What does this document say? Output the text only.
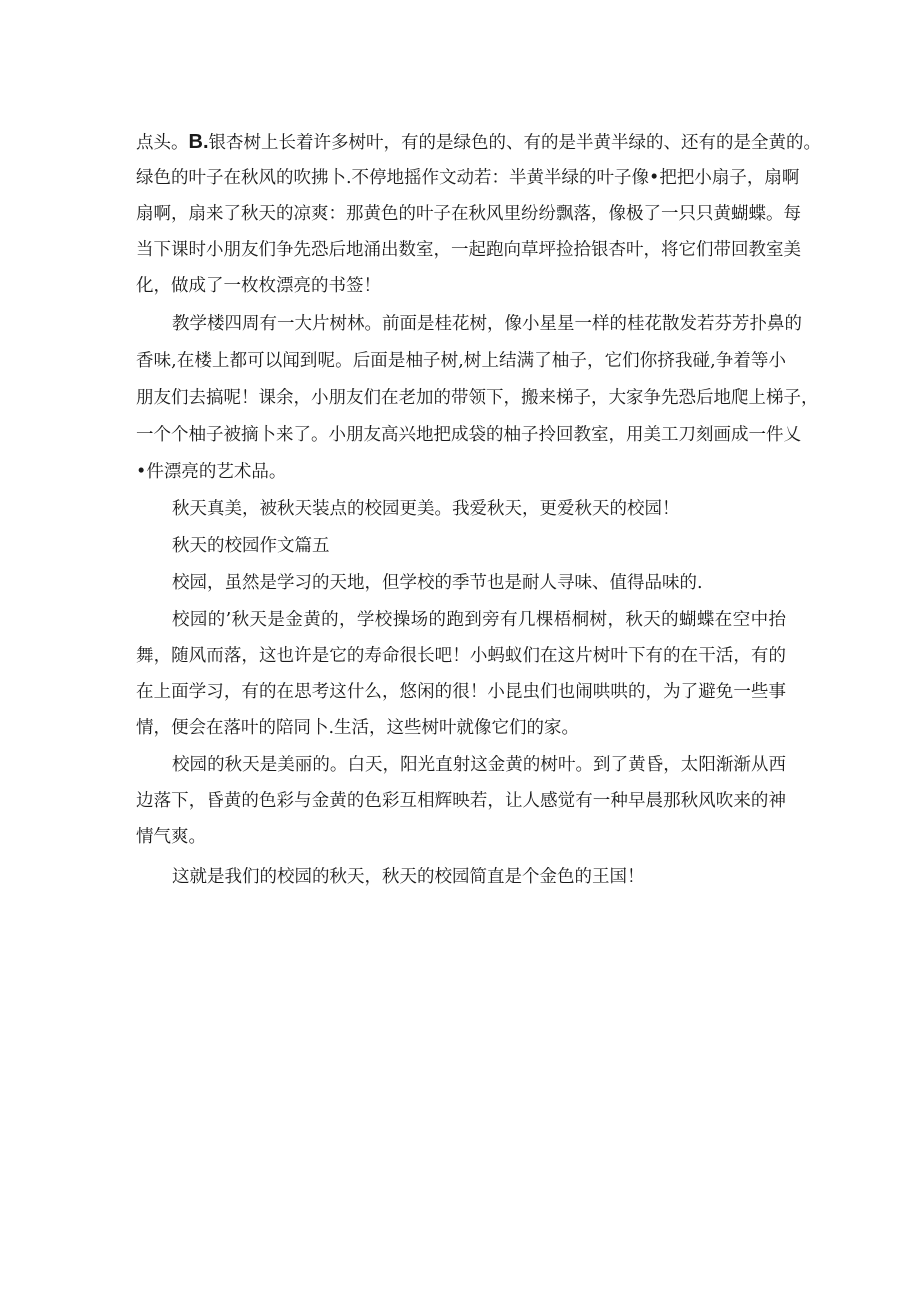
点头。B.银杏树上长着许多树叶，有的是绿色的、有的是半黄半绿的、还有的是全黄的。
绿色的叶子在秋风的吹拂卜.不停地摇作文动若：半黄半绿的叶子像•把把小扇子，扇啊
扇啊，扇来了秋天的凉爽：那黄色的叶子在秋风里纷纷飘落，像极了一只只黄蝴蝶。每
当下课时小朋友们争先恐后地涌出数室，一起跑向草坪捡拾银杏叶，将它们带回教室美
化，做成了一枚枚漂亮的书签！
教学楼四周有一大片树林。前面是桂花树，像小星星一样的桂花散发若芬芳扑鼻的
香味,在楼上都可以闻到呢。后面是柚子树,树上结满了柚子，它们你挤我碰,争着等小
朋友们去搞呢！课余，小朋友们在老加的带领下，搬来梯子，大家争先恐后地爬上梯子，
一个个柚子被摘卜来了。小朋友高兴地把成袋的柚子拎回教室，用美工刀刻画成一件乂
•件漂亮的艺术品。
秋天真美，被秋天装点的校园更美。我爱秋天，更爱秋天的校园！
秋天的校园作文篇五
校园，虽然是学习的天地，但学校的季节也是耐人寻味、值得品味的.
校园的’秋天是金黄的，学校操场的跑到旁有几棵梧桐树，秋天的蝴蝶在空中抬
舞，随风而落，这也许是它的寿命很长吧！小蚂蚁们在这片树叶下有的在干活，有的
在上面学习，有的在思考这什么，悠闲的很！小昆虫们也闹哄哄的，为了避免一些事
情，便会在落叶的陪同卜.生活，这些树叶就像它们的家。
校园的秋天是美丽的。白天，阳光直射这金黄的树叶。到了黄昏，太阳渐渐从西
边落下，昏黄的色彩与金黄的色彩互相辉映若，让人感觉有一种早晨那秋风吹来的神
情气爽。
这就是我们的校园的秋天，秋天的校园简直是个金色的王国！
